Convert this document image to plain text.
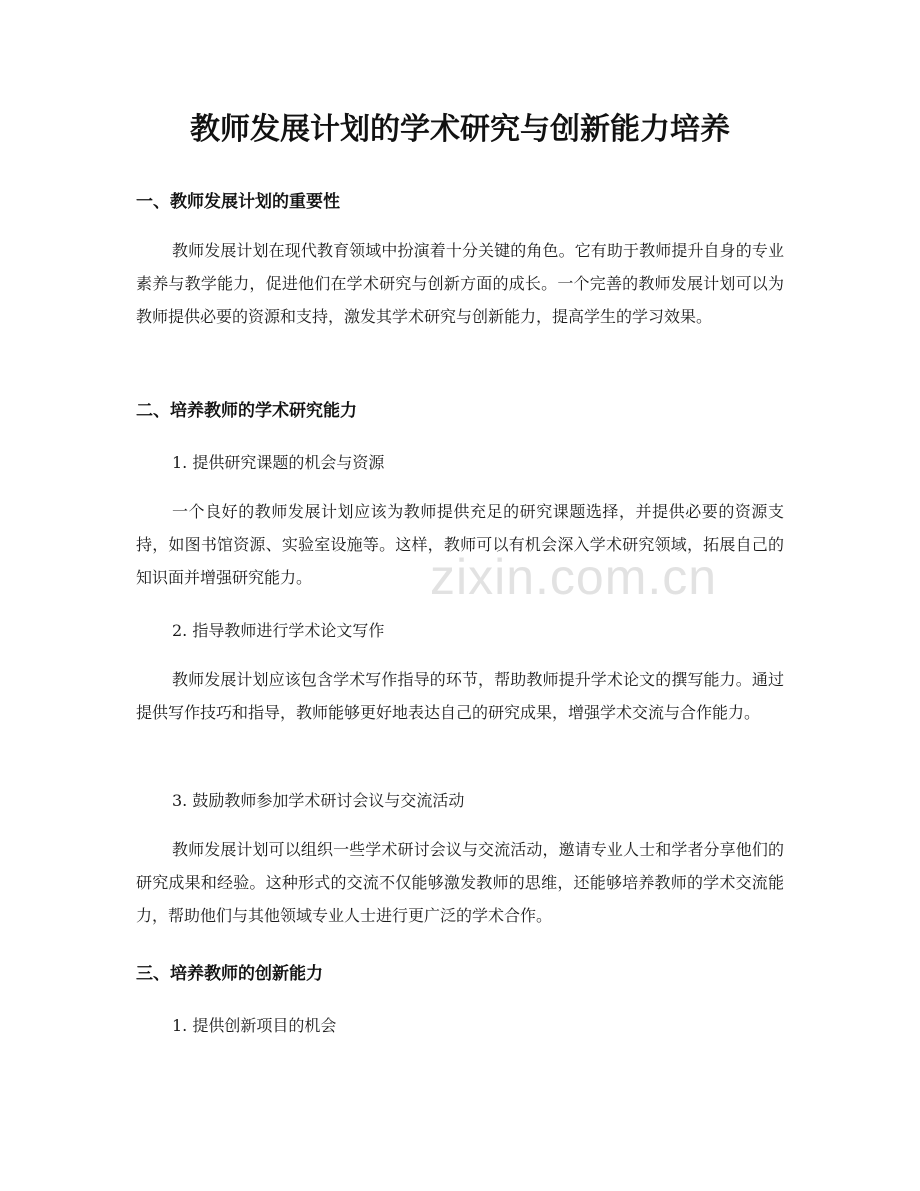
教师发展计划的学术研究与创新能力培养
一、教师发展计划的重要性

教师发展计划在现代教育领域中扮演着十分关键的角色。它有助于教师提升自身的专业素养与教学能力，促进他们在学术研究与创新方面的成长。一个完善的教师发展计划可以为教师提供必要的资源和支持，激发其学术研究与创新能力，提高学生的学习效果。

二、培养教师的学术研究能力

1. 提供研究课题的机会与资源

一个良好的教师发展计划应该为教师提供充足的研究课题选择，并提供必要的资源支持，如图书馆资源、实验室设施等。这样，教师可以有机会深入学术研究领域，拓展自己的知识面并增强研究能力。

2. 指导教师进行学术论文写作

教师发展计划应该包含学术写作指导的环节，帮助教师提升学术论文的撰写能力。通过提供写作技巧和指导，教师能够更好地表达自己的研究成果，增强学术交流与合作能力。

3. 鼓励教师参加学术研讨会议与交流活动

教师发展计划可以组织一些学术研讨会议与交流活动，邀请专业人士和学者分享他们的研究成果和经验。这种形式的交流不仅能够激发教师的思维，还能够培养教师的学术交流能力，帮助他们与其他领域专业人士进行更广泛的学术合作。

三、培养教师的创新能力

1. 提供创新项目的机会

zixin.com.cn
